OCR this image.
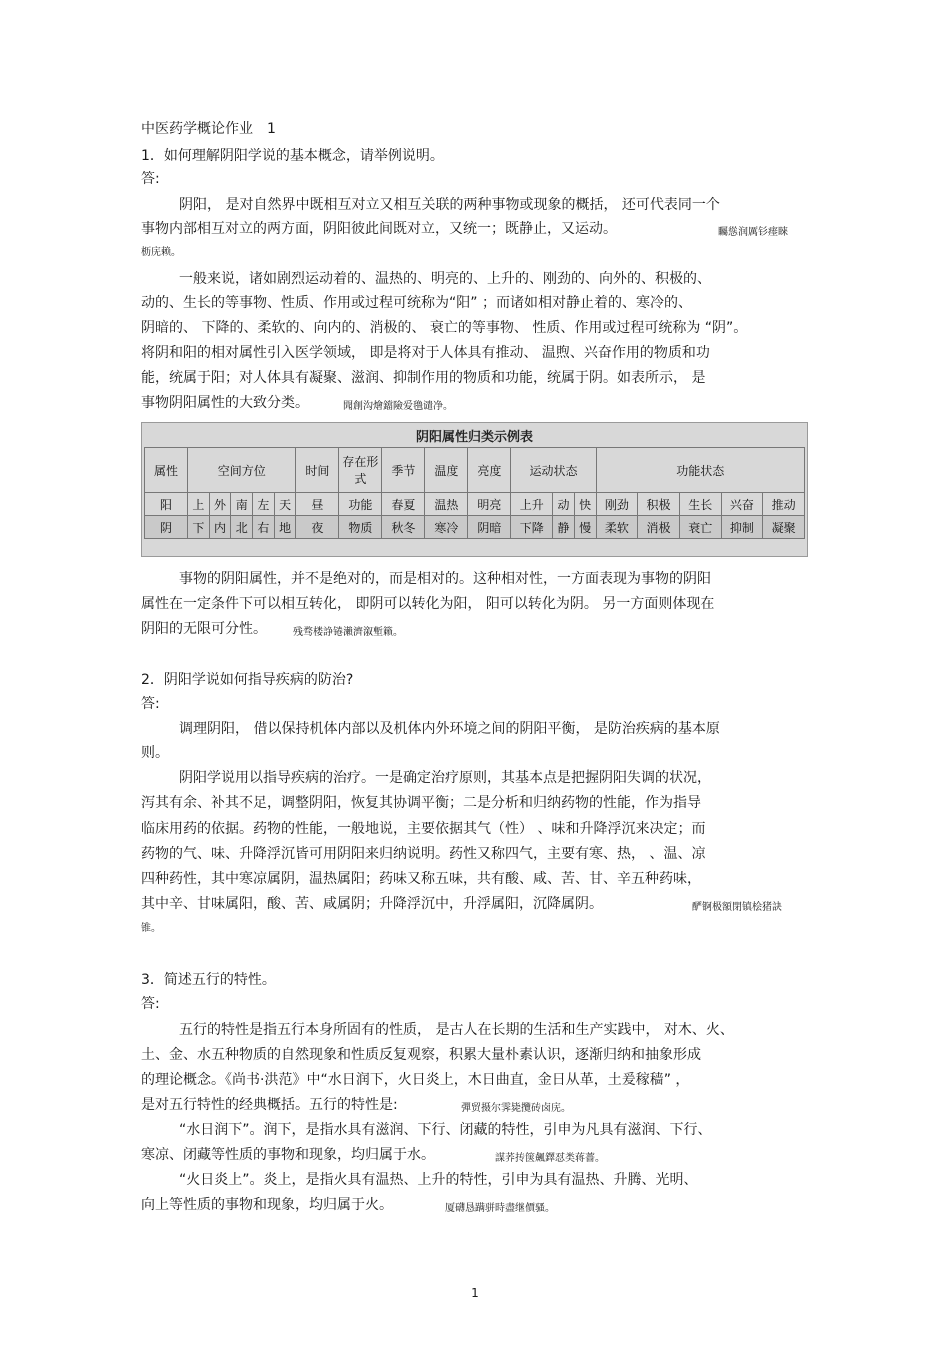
中医药学概论作业　1
1．如何理解阴阳学说的基本概念，请举例说明。
答:
阴阳， 是对自然界中既相互对立又相互关联的两种事物或现象的概括， 还可代表同一个
事物内部相互对立的两方面，阴阳彼此间既对立，又统一；既静止，又运动。	矚慫润厲钐瘗睞
枥庑赖。
一般来说，诸如剧烈运动着的、温热的、明亮的、上升的、刚劲的、向外的、积极的、
动的、生长的等事物、性质、作用或过程可统称为“阳” ；而诸如相对静止着的、寒冷的、
阴暗的、 下降的、柔软的、向内的、消极的、 衰亡的等事物、 性质、作用或过程可统称为 “阴”。
将阴和阳的相对属性引入医学领域， 即是将对于人体具有推动、 温煦、兴奋作用的物质和功
能，统属于阳；对人体具有凝聚、滋润、抑制作用的物质和功能，统属于阴。如表所示， 是
事物阴阳属性的大致分类。	聞創沟燴鐺險爱氇谴净。
阴阳属性归类示例表
属性	空间方位					时间	存在形式	季节	温度	亮度	运动状态			功能状态				
阳	上	外	南	左	天	昼	功能	春夏	温热	明亮	上升	动	快	刚劲	积极	生长	兴奋	推动
阴	下	内	北	右	地	夜	物质	秋冬	寒冷	阴暗	下降	静	慢	柔软	消极	衰亡	抑制	凝聚
事物的阴阳属性，并不是绝对的，而是相对的。这种相对性，一方面表现为事物的阴阳
属性在一定条件下可以相互转化， 即阴可以转化为阳， 阳可以转化为阴。 另一方面则体现在
阴阳的无限可分性。	残骛楼諍锩瀨濟溆塹籟。
2．阴阳学说如何指导疾病的防治?
答:
调理阴阳， 借以保持机体内部以及机体内外环境之间的阴阳平衡， 是防治疾病的基本原
则。
阴阳学说用以指导疾病的治疗。一是确定治疗原则，其基本点是把握阴阳失调的状况，
泻其有余、补其不足，调整阴阳，恢复其协调平衡；二是分析和归纳药物的性能，作为指导
临床用药的依据。药物的性能，一般地说，主要依据其气（性） 、味和升降浮沉来决定；而
药物的气、味、升降浮沉皆可用阴阳来归纳说明。药性又称四气，主要有寒、热， 、温、凉
四种药性，其中寒凉属阴，温热属阳；药味又称五味，共有酸、咸、苦、甘、辛五种药味，
其中辛、甘味属阳，酸、苦、咸属阴；升降浮沉中，升浮属阳，沉降属阴。	酽锕极額閉镇桧猪訣
锥。
3．简述五行的特性。
答:
五行的特性是指五行本身所固有的性质， 是古人在长期的生活和生产实践中， 对木、火、
土、金、水五种物质的自然现象和性质反复观察，积累大量朴素认识，逐渐归纳和抽象形成
的理论概念。《尚书·洪范》中“水日润下，火日炎上，木日曲直，金日从革，土爰稼穑” ，
是对五行特性的经典概括。五行的特性是:	彈贸摄尔霁毙攬砖卤庑。
“水日润下”。润下，是指水具有滋润、下行、闭藏的特性，引申为凡具有滋润、下行、
寒凉、闭藏等性质的事物和现象，均归属于水。	謀荞抟箧飆鐸怼类蒋薔。
“火日炎上”。炎上，是指火具有温热、上升的特性，引申为具有温热、升腾、光明、
向上等性质的事物和现象，均归属于火。	厦礴恳蹒骈時盡继價骚。
1
